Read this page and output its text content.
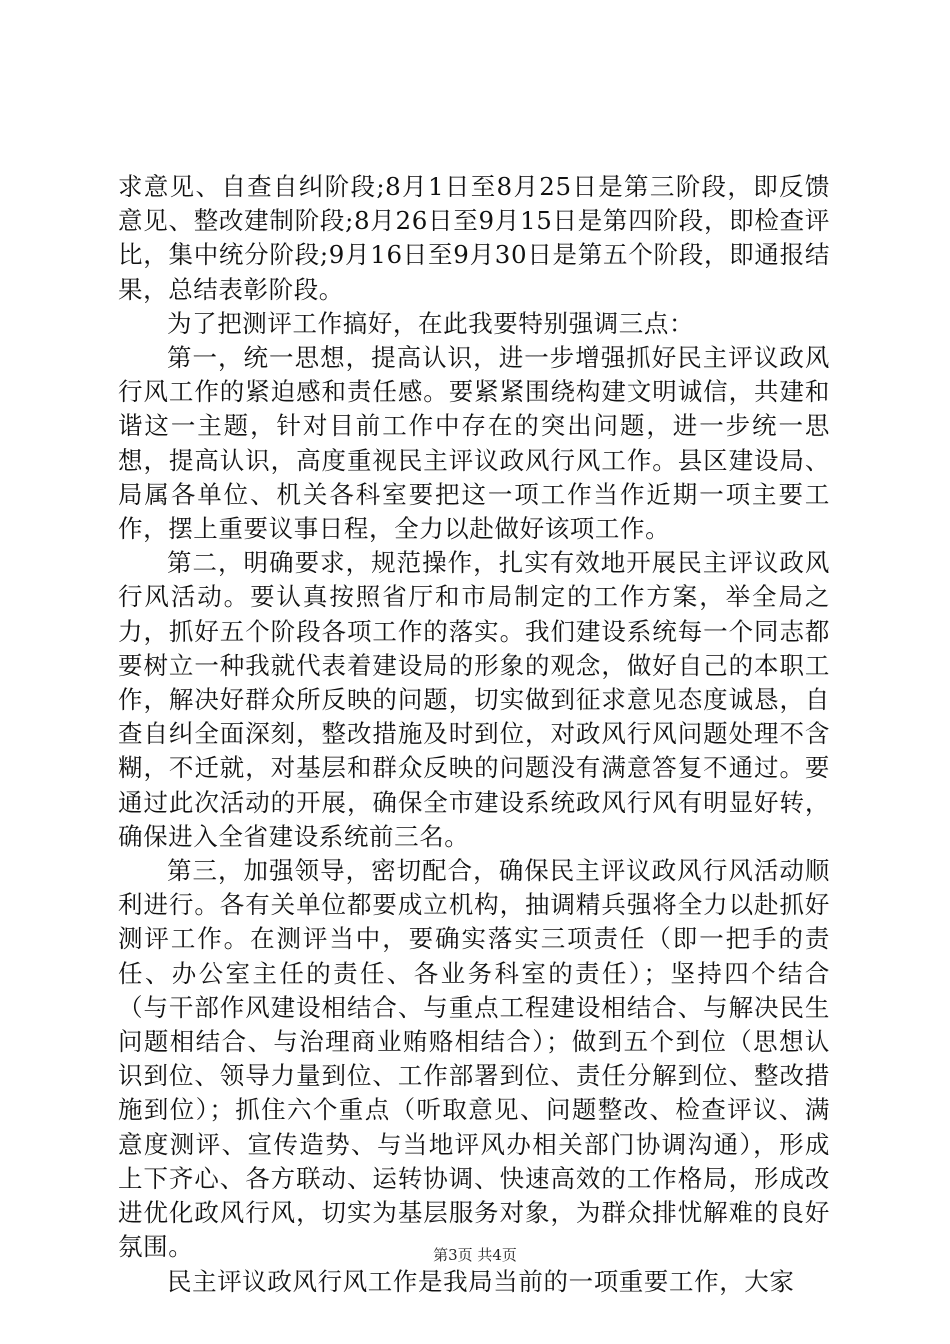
求意见、自查自纠阶段;8月1日至8月25日是第三阶段，即反馈意见、整改建制阶段;8月26日至9月15日是第四阶段，即检查评比，集中统分阶段;9月16日至9月30日是第五个阶段，即通报结果，总结表彰阶段。

为了把测评工作搞好，在此我要特别强调三点：

第一，统一思想，提高认识，进一步增强抓好民主评议政风行风工作的紧迫感和责任感。要紧紧围绕构建文明诚信，共建和谐这一主题，针对目前工作中存在的突出问题，进一步统一思想，提高认识，高度重视民主评议政风行风工作。县区建设局、局属各单位、机关各科室要把这一项工作当作近期一项主要工作，摆上重要议事日程，全力以赴做好该项工作。

第二，明确要求，规范操作，扎实有效地开展民主评议政风行风活动。要认真按照省厅和市局制定的工作方案，举全局之力，抓好五个阶段各项工作的落实。我们建设系统每一个同志都要树立一种我就代表着建设局的形象的观念，做好自己的本职工作，解决好群众所反映的问题，切实做到征求意见态度诚恳，自查自纠全面深刻，整改措施及时到位，对政风行风问题处理不含糊，不迁就，对基层和群众反映的问题没有满意答复不通过。要通过此次活动的开展，确保全市建设系统政风行风有明显好转，确保进入全省建设系统前三名。

第三，加强领导，密切配合，确保民主评议政风行风活动顺利进行。各有关单位都要成立机构，抽调精兵强将全力以赴抓好测评工作。在测评当中，要确实落实三项责任（即一把手的责任、办公室主任的责任、各业务科室的责任）；坚持四个结合（与干部作风建设相结合、与重点工程建设相结合、与解决民生问题相结合、与治理商业贿赂相结合）；做到五个到位（思想认识到位、领导力量到位、工作部署到位、责任分解到位、整改措施到位）；抓住六个重点（听取意见、问题整改、检查评议、满意度测评、宣传造势、与当地评风办相关部门协调沟通），形成上下齐心、各方联动、运转协调、快速高效的工作格局，形成改进优化政风行风，切实为基层服务对象，为群众排忧解难的良好氛围。

民主评议政风行风工作是我局当前的一项重要工作，大家

第3页 共4页
